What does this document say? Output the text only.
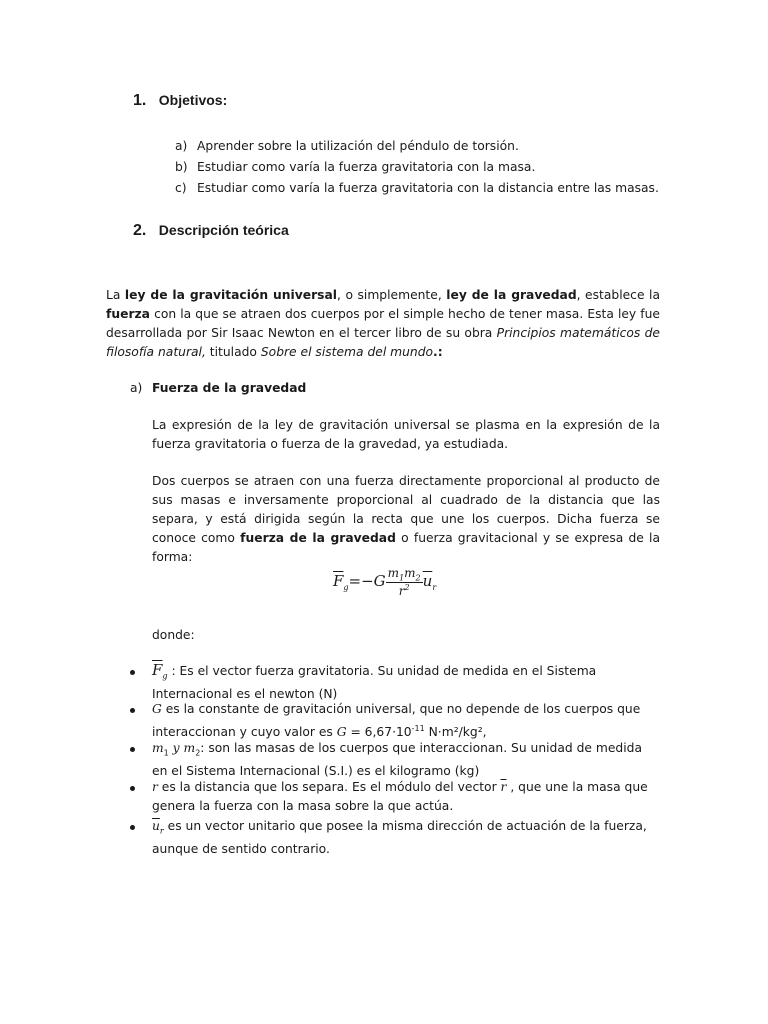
1. Objetivos:
a) Aprender sobre la utilización del péndulo de torsión.
b) Estudiar como varía la fuerza gravitatoria con la masa.
c) Estudiar como varía la fuerza gravitatoria con la distancia entre las masas.
2. Descripción teórica
La ley de la gravitación universal, o simplemente, ley de la gravedad, establece la fuerza con la que se atraen dos cuerpos por el simple hecho de tener masa. Esta ley fue desarrollada por Sir Isaac Newton en el tercer libro de su obra Principios matemáticos de filosofía natural, titulado Sobre el sistema del mundo.:
a) Fuerza de la gravedad
La expresión de la ley de gravitación universal se plasma en la expresión de la fuerza gravitatoria o fuerza de la gravedad, ya estudiada.
Dos cuerpos se atraen con una fuerza directamente proporcional al producto de sus masas e inversamente proporcional al cuadrado de la distancia que las separa, y está dirigida según la recta que une los cuerpos. Dicha fuerza se conoce como fuerza de la gravedad o fuerza gravitacional y se expresa de la forma:
$\overline{F}_g=-G \frac{m_1m_2}{r^2} \overline{u}_r$
donde:
$\overline{F}_g$ : Es el vector fuerza gravitatoria. Su unidad de medida en el Sistema Internacional es el newton (N)
G es la constante de gravitación universal, que no depende de los cuerpos que interaccionan y cuyo valor es $G = 6,67\cdot 10^{-11}$ N·m²/kg²,
$m_1$ y $m_2$: son las masas de los cuerpos que interaccionan. Su unidad de medida en el Sistema Internacional (S.I.) es el kilogramo (kg)
r es la distancia que los separa. Es el módulo del vector $\overline{r}$ , que une la masa que genera la fuerza con la masa sobre la que actúa.
$\overline{u}_r$ es un vector unitario que posee la misma dirección de actuación de la fuerza, aunque de sentido contrario.
